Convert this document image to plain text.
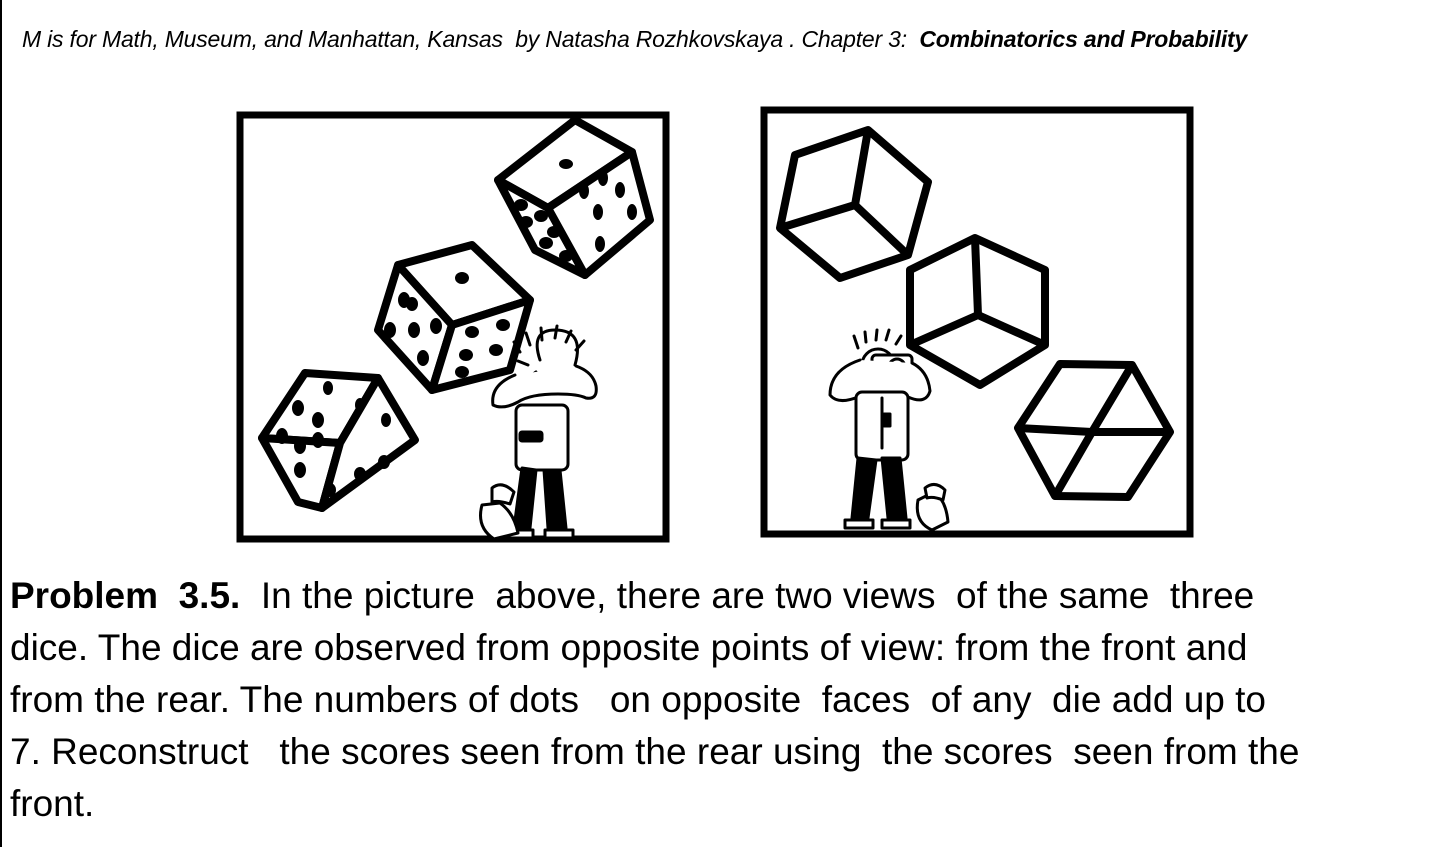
M is for Math, Museum, and Manhattan, Kansas by Natasha Rozhkovskaya . Chapter 3: Combinatorics and Probability
Problem  3.5.  In the picture  above, there are two views  of the same  three
dice. The dice are observed from opposite points of view: from the front and
from the rear. The numbers of dots   on opposite  faces  of any  die add up to
7. Reconstruct   the scores seen from the rear using  the scores  seen from the
front.
